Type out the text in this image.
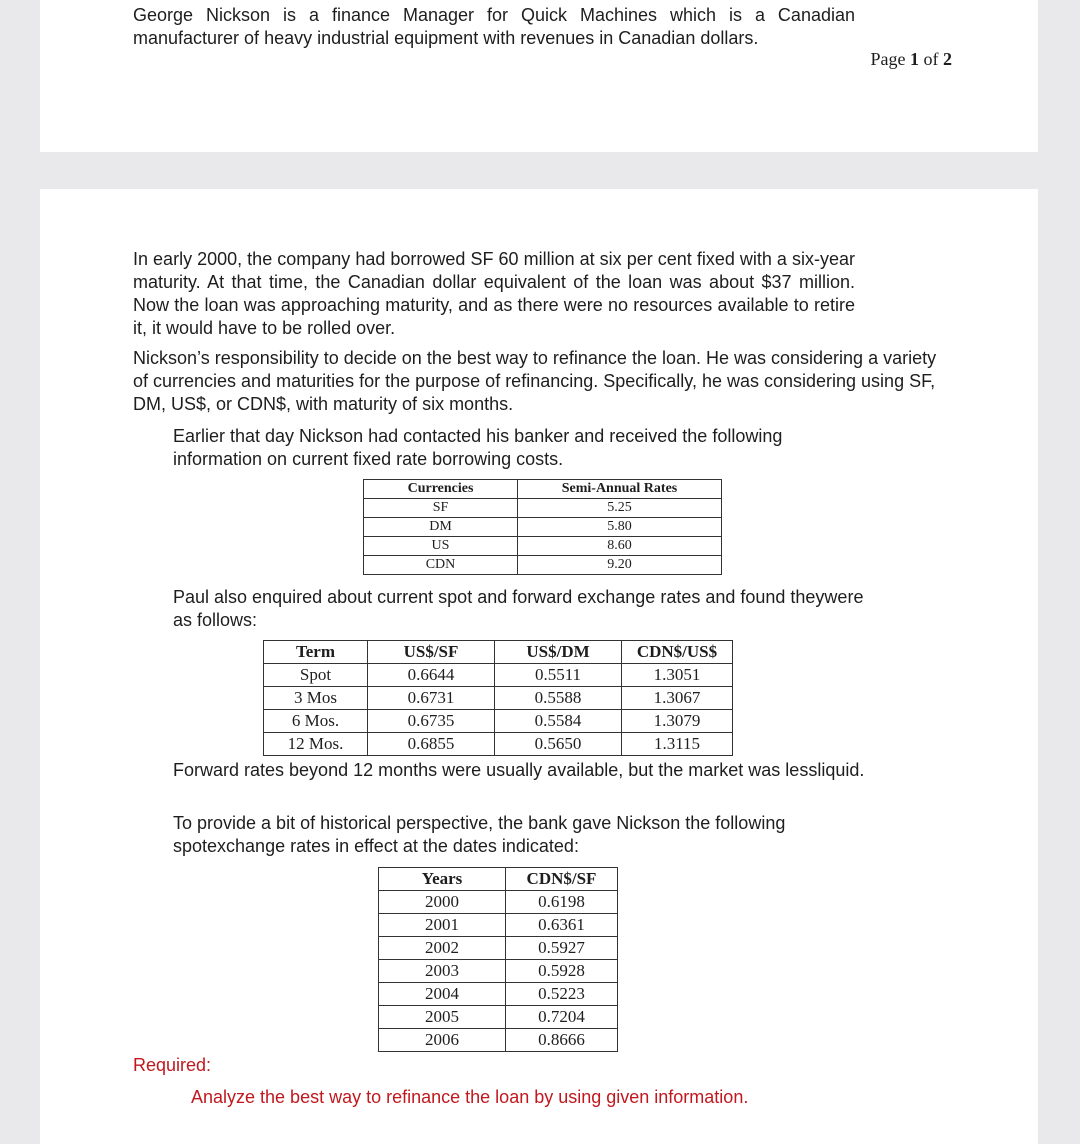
George Nickson is a finance Manager for Quick Machines which is a Canadian manufacturer of heavy industrial equipment with revenues in Canadian dollars.

Page 1 of 2

In early 2000, the company had borrowed SF 60 million at six per cent fixed with a six-year maturity. At that time, the Canadian dollar equivalent of the loan was about $37 million. Now the loan was approaching maturity, and as there were no resources available to retire it, it would have to be rolled over.

Nickson’s responsibility to decide on the best way to refinance the loan. He was considering a variety of currencies and maturities for the purpose of refinancing. Specifically, he was considering using SF, DM, US$, or CDN$, with maturity of six months.

Earlier that day Nickson had contacted his banker and received the following information on current fixed rate borrowing costs.

Currencies	Semi-Annual Rates
SF	5.25
DM	5.80
US	8.60
CDN	9.20

Paul also enquired about current spot and forward exchange rates and found theywere as follows:

Term	US$/SF	US$/DM	CDN$/US$
Spot	0.6644	0.5511	1.3051
3 Mos	0.6731	0.5588	1.3067
6 Mos.	0.6735	0.5584	1.3079
12 Mos.	0.6855	0.5650	1.3115

Forward rates beyond 12 months were usually available, but the market was lessliquid.

To provide a bit of historical perspective, the bank gave Nickson the following spotexchange rates in effect at the dates indicated:

Years	CDN$/SF
2000	0.6198
2001	0.6361
2002	0.5927
2003	0.5928
2004	0.5223
2005	0.7204
2006	0.8666

Required:

Analyze the best way to refinance the loan by using given information.
